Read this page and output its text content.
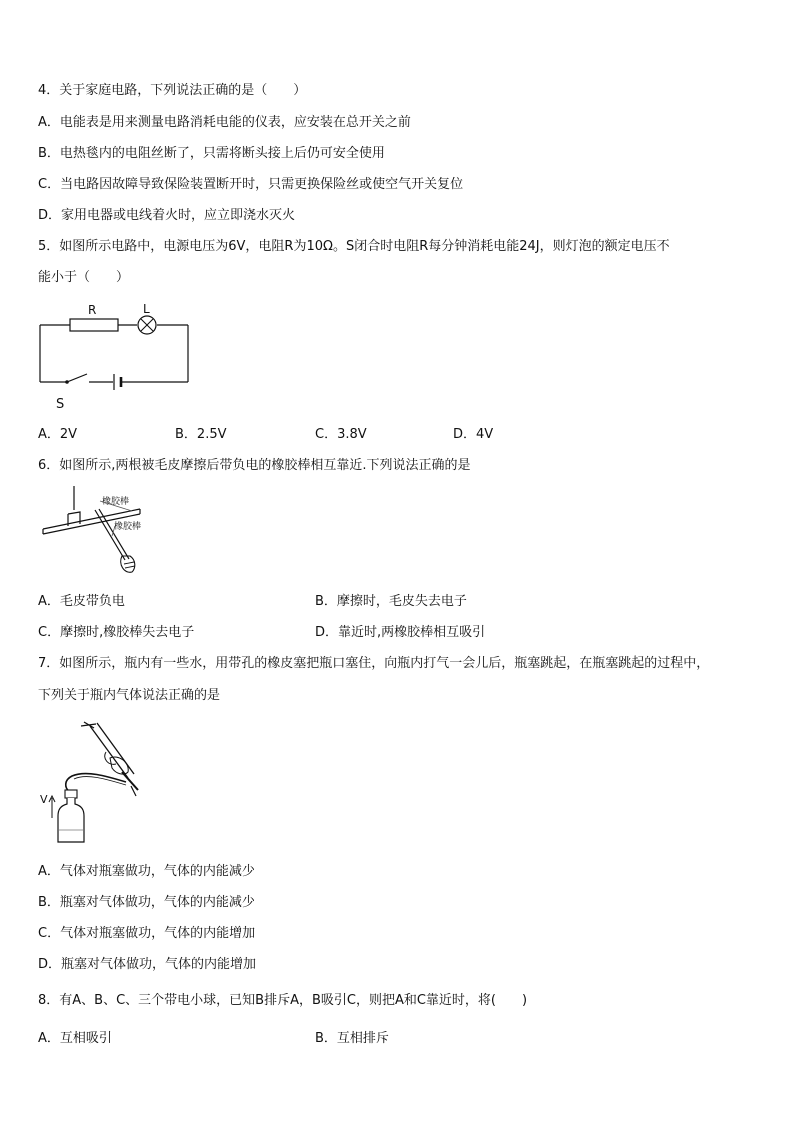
4．关于家庭电路，下列说法正确的是（　　）
A．电能表是用来测量电路消耗电能的仪表，应安装在总开关之前
B．电热毯内的电阻丝断了，只需将断头接上后仍可安全使用
C．当电路因故障导致保险装置断开时，只需更换保险丝或使空气开关复位
D．家用电器或电线着火时，应立即浇水灭火
5．如图所示电路中，电源电压为6V，电阻R为10Ω。S闭合时电阻R每分钟消耗电能24J，则灯泡的额定电压不
能小于（　　）
R	L
S
A．2V	B．2.5V	C．3.8V	D．4V
6．如图所示,两根被毛皮摩擦后带负电的橡胶棒相互靠近.下列说法正确的是
橡胶棒
橡胶棒
A．毛皮带负电	B．摩擦时，毛皮失去电子
C．摩擦时,橡胶棒失去电子	D．靠近时,两橡胶棒相互吸引
7．如图所示，瓶内有一些水，用带孔的橡皮塞把瓶口塞住，向瓶内打气一会儿后，瓶塞跳起，在瓶塞跳起的过程中，
下列关于瓶内气体说法正确的是
V
A．气体对瓶塞做功，气体的内能减少
B．瓶塞对气体做功，气体的内能减少
C．气体对瓶塞做功，气体的内能增加
D．瓶塞对气体做功，气体的内能增加
8．有A、B、C、三个带电小球，已知B排斥A，B吸引C，则把A和C靠近时，将(　　)
A．互相吸引	B．互相排斥
